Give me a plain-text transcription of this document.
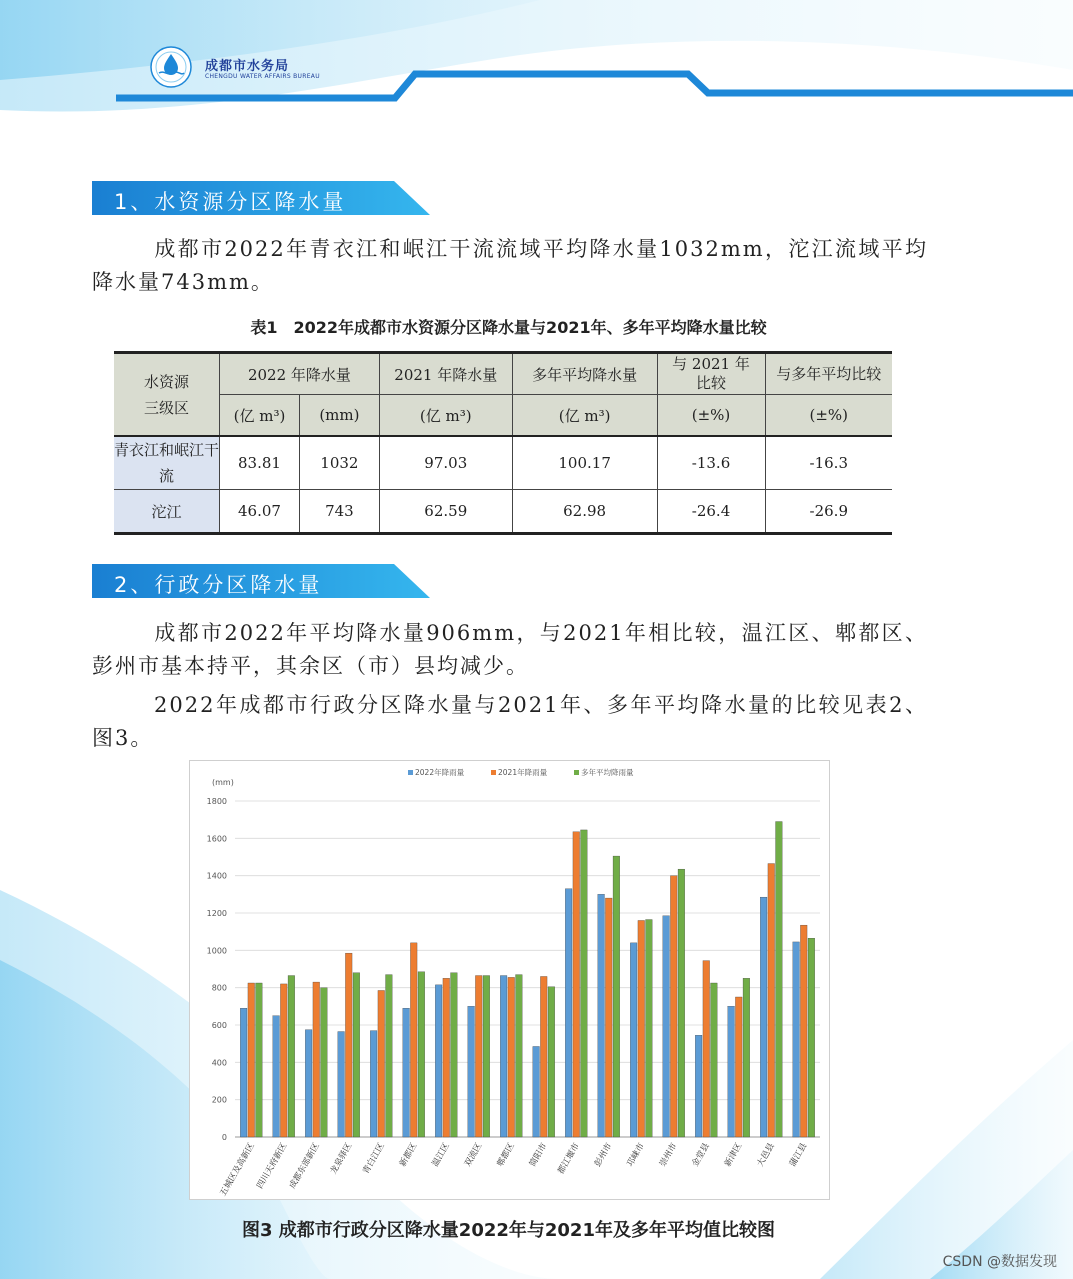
成都市水务局
CHENGDU WATER AFFAIRS BUREAU
1、水资源分区降水量
成都市2022年青衣江和岷江干流流域平均降水量1032mm，沱江流域平均降水量743mm。
表1　2022年成都市水资源分区降水量与2021年、多年平均降水量比较
水资源三级区	2022 年降水量		2021 年降水量	多年平均降水量	与 2021 年比较	与多年平均比较

	(亿 m³)	(mm)	(亿 m³)	(亿 m³)	(±%)	(±%)

青衣江和岷江干流	83.81	1032	97.03	100.17	-13.6	-16.3
沱江	46.07	743	62.59	62.98	-26.4	-26.9
2、行政分区降水量
成都市2022年平均降水量906mm，与2021年相比较，温江区、郫都区、彭州市基本持平，其余区（市）县均减少。
2022年成都市行政分区降水量与2021年、多年平均降水量的比较见表2、图3。
0
200
400
600
800
1000
1200
1400
1600
1800
(mm)
五城区及高新区
四川天府新区
成都东部新区 龙泉驿区 青白江区 新都区 温江区 双流区 郫都区 简阳市 都江堰市 彭州市 邛崃市 崇州市 金堂县 新津区 大邑县 蒲江县
2022年降雨量	2021年降雨量	多年平均降雨量
图3 成都市行政分区降水量2022年与2021年及多年平均值比较图
CSDN @数据发现
